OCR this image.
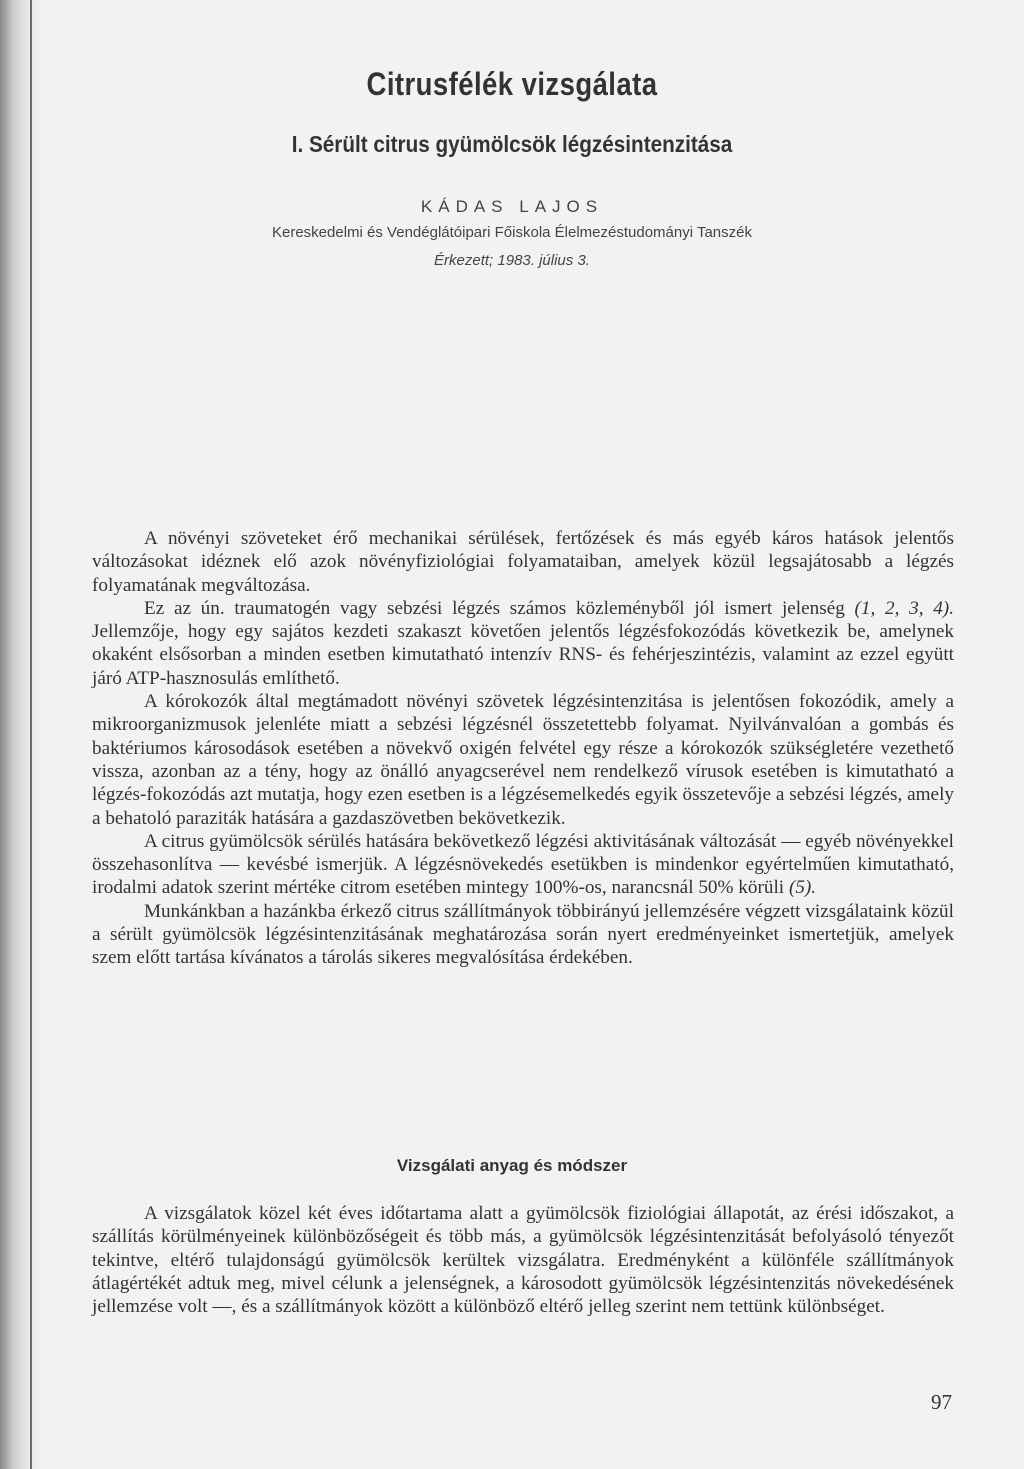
Citrusfélék vizsgálata
I. Sérült citrus gyümölcsök légzésintenzitása
KÁDAS LAJOS
Kereskedelmi és Vendéglátóipari Főiskola Élelmezéstudományi Tanszék
Érkezett; 1983. július 3.

A növényi szöveteket érő mechanikai sérülések, fertőzések és más egyéb káros hatások jelentős változásokat idéznek elő azok növényfiziológiai folyamataiban, amelyek közül legsajátosabb a légzés folyamatának megváltozása.

Ez az ún. traumatogén vagy sebzési légzés számos közleményből jól ismert jelenség (1, 2, 3, 4). Jellemzője, hogy egy sajátos kezdeti szakaszt követően jelentős légzésfokozódás következik be, amelynek okaként elsősorban a minden esetben kimutatható intenzív RNS- és fehérjeszintézis, valamint az ezzel együtt járó ATP-hasznosulás említhető.

A kórokozók által megtámadott növényi szövetek légzésintenzitása is jelentősen fokozódik, amely a mikroorganizmusok jelenléte miatt a sebzési légzésnél összetettebb folyamat. Nyilvánvalóan a gombás és baktériumos károsodások esetében a növekvő oxigén felvétel egy része a kórokozók szükségletére vezethető vissza, azonban az a tény, hogy az önálló anyagcserével nem rendelkező vírusok esetében is kimutatható a légzés-fokozódás azt mutatja, hogy ezen esetben is a légzésemelkedés egyik összetevője a sebzési légzés, amely a behatoló paraziták hatására a gazdaszövetben bekövetkezik.

A citrus gyümölcsök sérülés hatására bekövetkező légzési aktivitásának változását — egyéb növényekkel összehasonlítva — kevésbé ismerjük. A légzésnövekedés esetükben is mindenkor egyértelműen kimutatható, irodalmi adatok szerint mértéke citrom esetében mintegy 100%-os, narancsnál 50% körüli (5).

Munkánkban a hazánkba érkező citrus szállítmányok többirányú jellemzésére végzett vizsgálataink közül a sérült gyümölcsök légzésintenzitásának meghatározása során nyert eredményeinket ismertetjük, amelyek szem előtt tartása kívánatos a tárolás sikeres megvalósítása érdekében.

Vizsgálati anyag és módszer

A vizsgálatok közel két éves időtartama alatt a gyümölcsök fiziológiai állapotát, az érési időszakot, a szállítás körülményeinek különbözőségeit és több más, a gyümölcsök légzésintenzitását befolyásoló tényezőt tekintve, eltérő tulajdonságú gyümölcsök kerültek vizsgálatra. Eredményként a különféle szállítmányok átlagértékét adtuk meg, mivel célunk a jelenségnek, a károsodott gyümölcsök légzésintenzitás növekedésének jellemzése volt —, és a szállítmányok között a különböző eltérő jelleg szerint nem tettünk különbséget.

97
